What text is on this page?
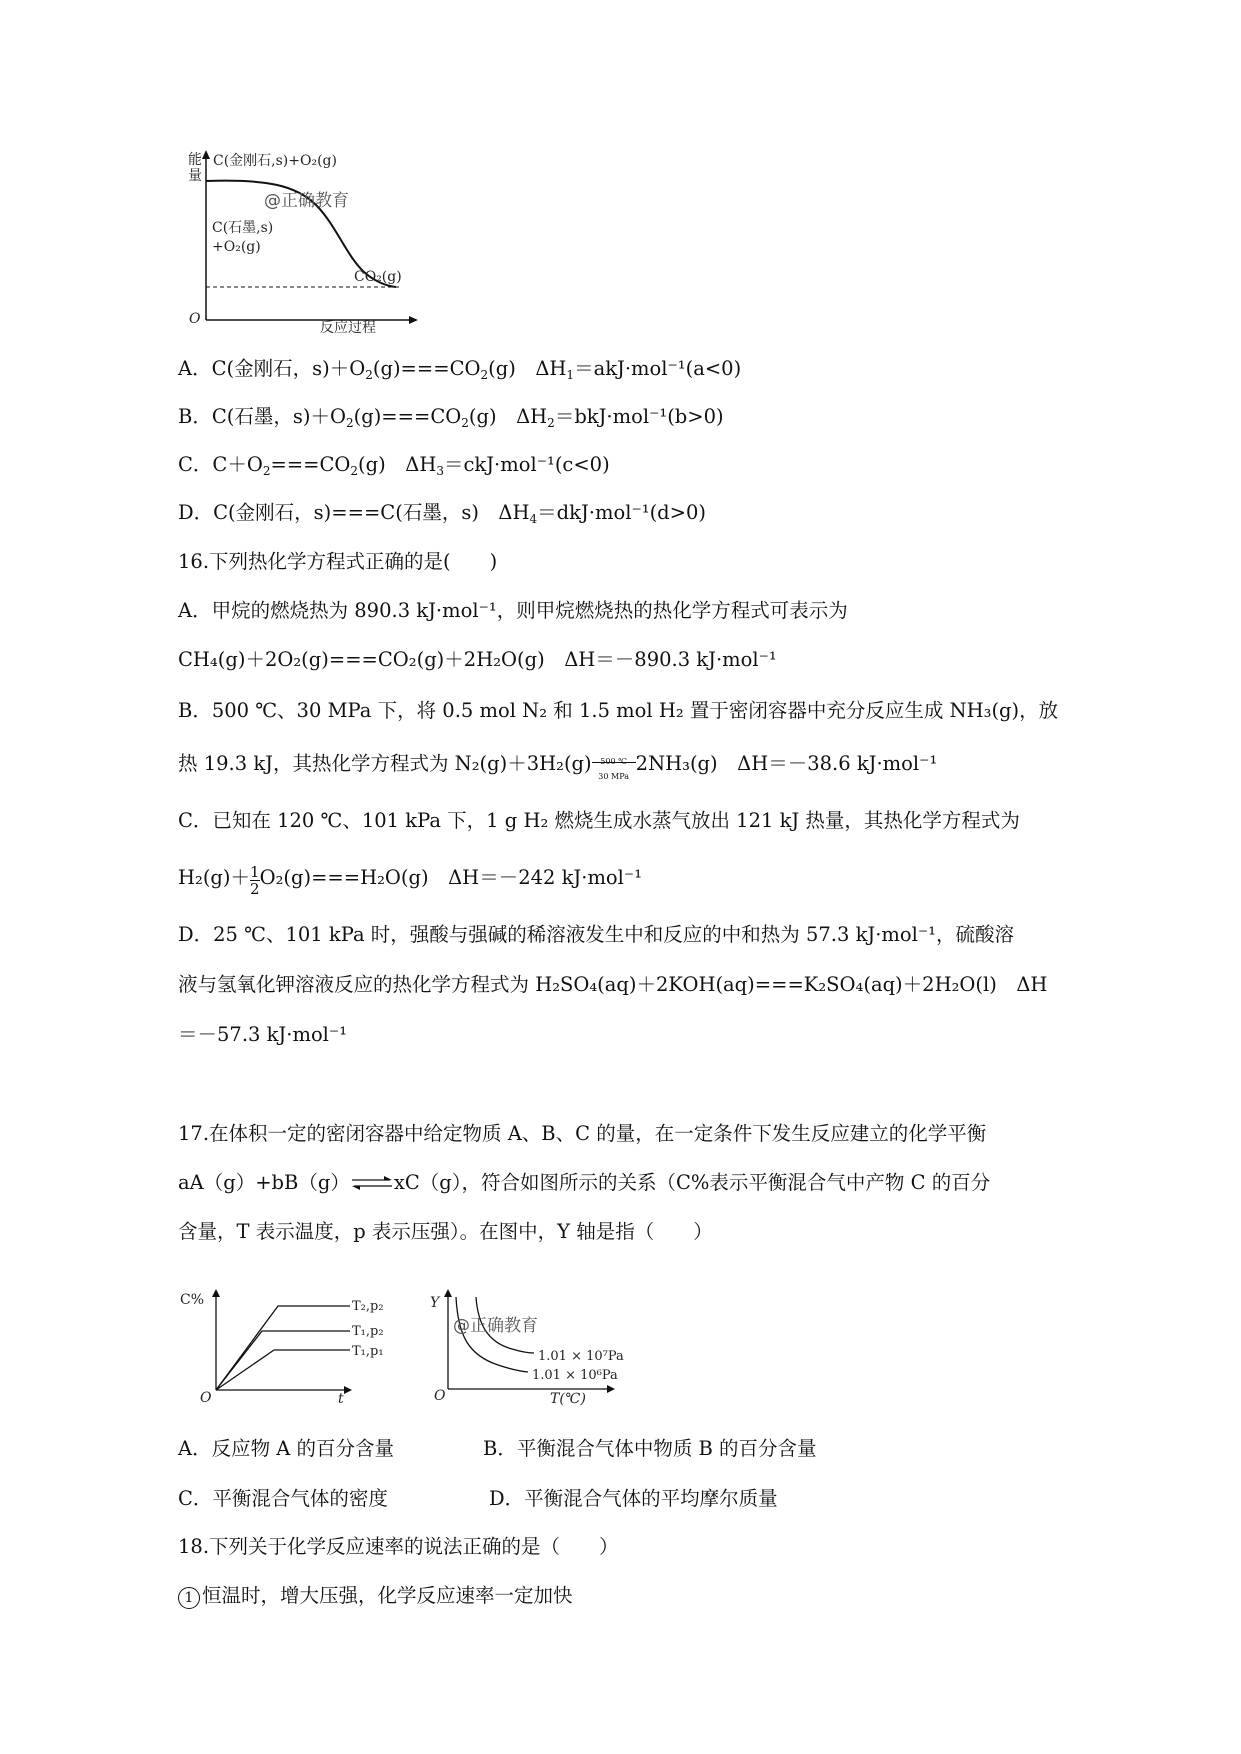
能
量
C(金刚石,s)+O₂(g)
@正确教育
C(石墨,s)
+O₂(g)
CO₂(g)
O
反应过程
A．C(金刚石，$s)+O_2(g)===CO_2(g)$　$\Delta H_1=akJ\cdot mol^{-1}(a<0)$
B．C(石墨，$s)+O_2(g)===CO_2(g)$　$\Delta H_2=bkJ\cdot mol^{-1}(b>0)$
C．$C+O_2===CO_2(g)$　$\Delta H_3=ckJ\cdot mol^{-1}(c<0)$
D．C(金刚石，s)===C(石墨，s)　$\Delta H_4=dkJ\cdot mol^{-1}(d>0)$
16.下列热化学方程式正确的是(　　)
A．甲烷的燃烧热为 890.3 kJ·mol⁻¹，则甲烷燃烧热的热化学方程式可表示为
CH₄(g)＋2O₂(g)===CO₂(g)＋2H₂O(g)　ΔH＝－890.3 kJ·mol⁻¹
B．500 ℃、30 MPa 下，将 0.5 mol N₂ 和 1.5 mol H₂ 置于密闭容器中充分反应生成 NH₃(g)，放
热 19.3 kJ，其热化学方程式为 N₂(g)＋3H₂(g)	500 ℃
30 MPa
2NH₃(g)　ΔH＝－38.6 kJ·mol⁻¹
C．已知在 120 ℃、101 kPa 下，1 g H₂ 燃烧生成水蒸气放出 121 kJ 热量，其热化学方程式为
$H_2(g)+ \frac{1}{2} O_2(g)===H_2O(g)$　ΔH＝－242 kJ·mol⁻¹
D．25 ℃、101 kPa 时，强酸与强碱的稀溶液发生中和反应的中和热为 57.3 kJ·mol⁻¹，硫酸溶
液与氢氧化钾溶液反应的热化学方程式为 H₂SO₄(aq)＋2KOH(aq)===K₂SO₄(aq)＋2H₂O(l)　ΔH
＝－57.3 kJ·mol⁻¹
17.在体积一定的密闭容器中给定物质 A、B、C 的量，在一定条件下发生反应建立的化学平衡
aA（g）+bB（g）⇌xC（g），符合如图所示的关系（C%表示平衡混合气中产物 C 的百分
含量，T 表示温度，p 表示压强）。在图中，Y 轴是指（　　）
C%	T₂,p₂
T₁,p₂
T₁,p₁
O	t
Y
@正确教育
1.01 × 10⁷Pa
1.01 × 10⁶Pa
O	T(℃)
A．反应物 A 的百分含量	B．平衡混合气体中物质 B 的百分含量
C．平衡混合气体的密度	D．平衡混合气体的平均摩尔质量
18.下列关于化学反应速率的说法正确的是（　　）
1 恒温时，增大压强，化学反应速率一定加快
